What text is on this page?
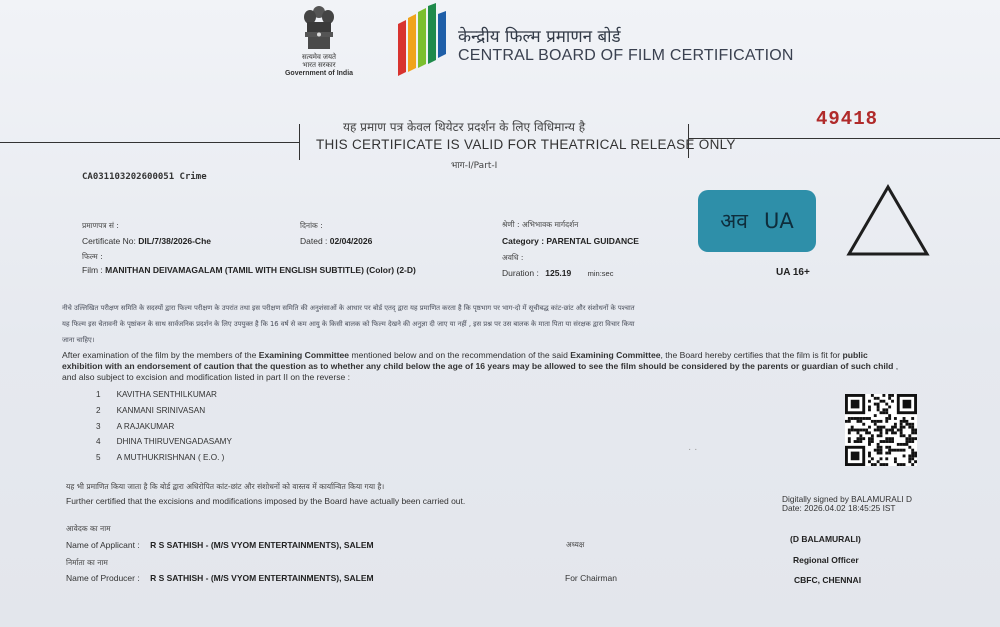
सत्यमेव जयते
भारत सरकार
Government of India
केन्द्रीय फिल्म प्रमाणन बोर्ड
CENTRAL BOARD OF FILM CERTIFICATION
यह प्रमाण पत्र केवल थियेटर प्रदर्शन के लिए विधिमान्य है
THIS CERTIFICATE IS VALID FOR THEATRICAL RELEASE ONLY
भाग-I/Part-I
49418
CA031103202600051 Crime
प्रमाणपत्र सं :
Certificate No: DIL/7/38/2026-Che
दिनांक :
Dated : 02/04/2026
श्रेणी : अभिभावक मार्गदर्शन
Category : PARENTAL GUIDANCE
फिल्म :
Film : MANITHAN DEIVAMAGALAM (TAMIL WITH ENGLISH SUBTITLE) (Color) (2-D)
अवधि :
Duration : 125.19 min:sec
अव UA
UA 16+
नीचे उल्लिखित परीक्षण समिति के सदस्यों द्वारा फिल्म परीक्षण के उपरांत तथा इस परीक्षण समिति की अनुशंसाओं के आधार पर बोर्ड एतद् द्वारा यह प्रमाणित करता है कि पृष्ठभाग पर भाग-दो में सूचीबद्ध कांट-छांट और संशोधनों के पश्चात
यह फिल्म इस चेतावनी के पृष्ठांकन के साथ सार्वजनिक प्रदर्शन के लिए उपयुक्त है कि 16 वर्ष से कम आयु के किसी बालक को फिल्म देखने की अनुज्ञा दी जाए या नहीं , इस प्रश्न पर उस बालक के माता पिता या संरक्षक द्वारा विचार किया
जाना चाहिए।
After examination of the film by the members of the Examining Committee mentioned below and on the recommendation of the said Examining Committee, the Board hereby certifies that the film is fit for public exhibition with an endorsement of caution that the question as to whether any child below the age of 16 years may be allowed to see the film should be considered by the parents or guardian of such child , and also subject to excision and modification listed in part II on the reverse :
1 KAVITHA SENTHILKUMAR
2 KANMANI SRINIVASAN
3 A RAJAKUMAR
4 DHINA THIRUVENGADASAMY
5 A MUTHUKRISHNAN ( E.O. )
· ·
यह भी प्रमाणित किया जाता है कि बोर्ड द्वारा अधिरोपित कांट-छांट और संशोधनों को वास्तव में कार्यान्वित किया गया है।
Further certified that the excisions and modifications imposed by the Board have actually been carried out.	Digitally signed by BALAMURALI D
Date: 2026.04.02 18:45:25 IST
आवेदक का नाम
Name of Applicant : R S SATHISH - (M/S VYOM ENTERTAINMENTS), SALEM
निर्माता का नाम
Name of Producer : R S SATHISH - (M/S VYOM ENTERTAINMENTS), SALEM
अध्यक्ष
For Chairman
(D BALAMURALI)
Regional Officer
CBFC, CHENNAI
